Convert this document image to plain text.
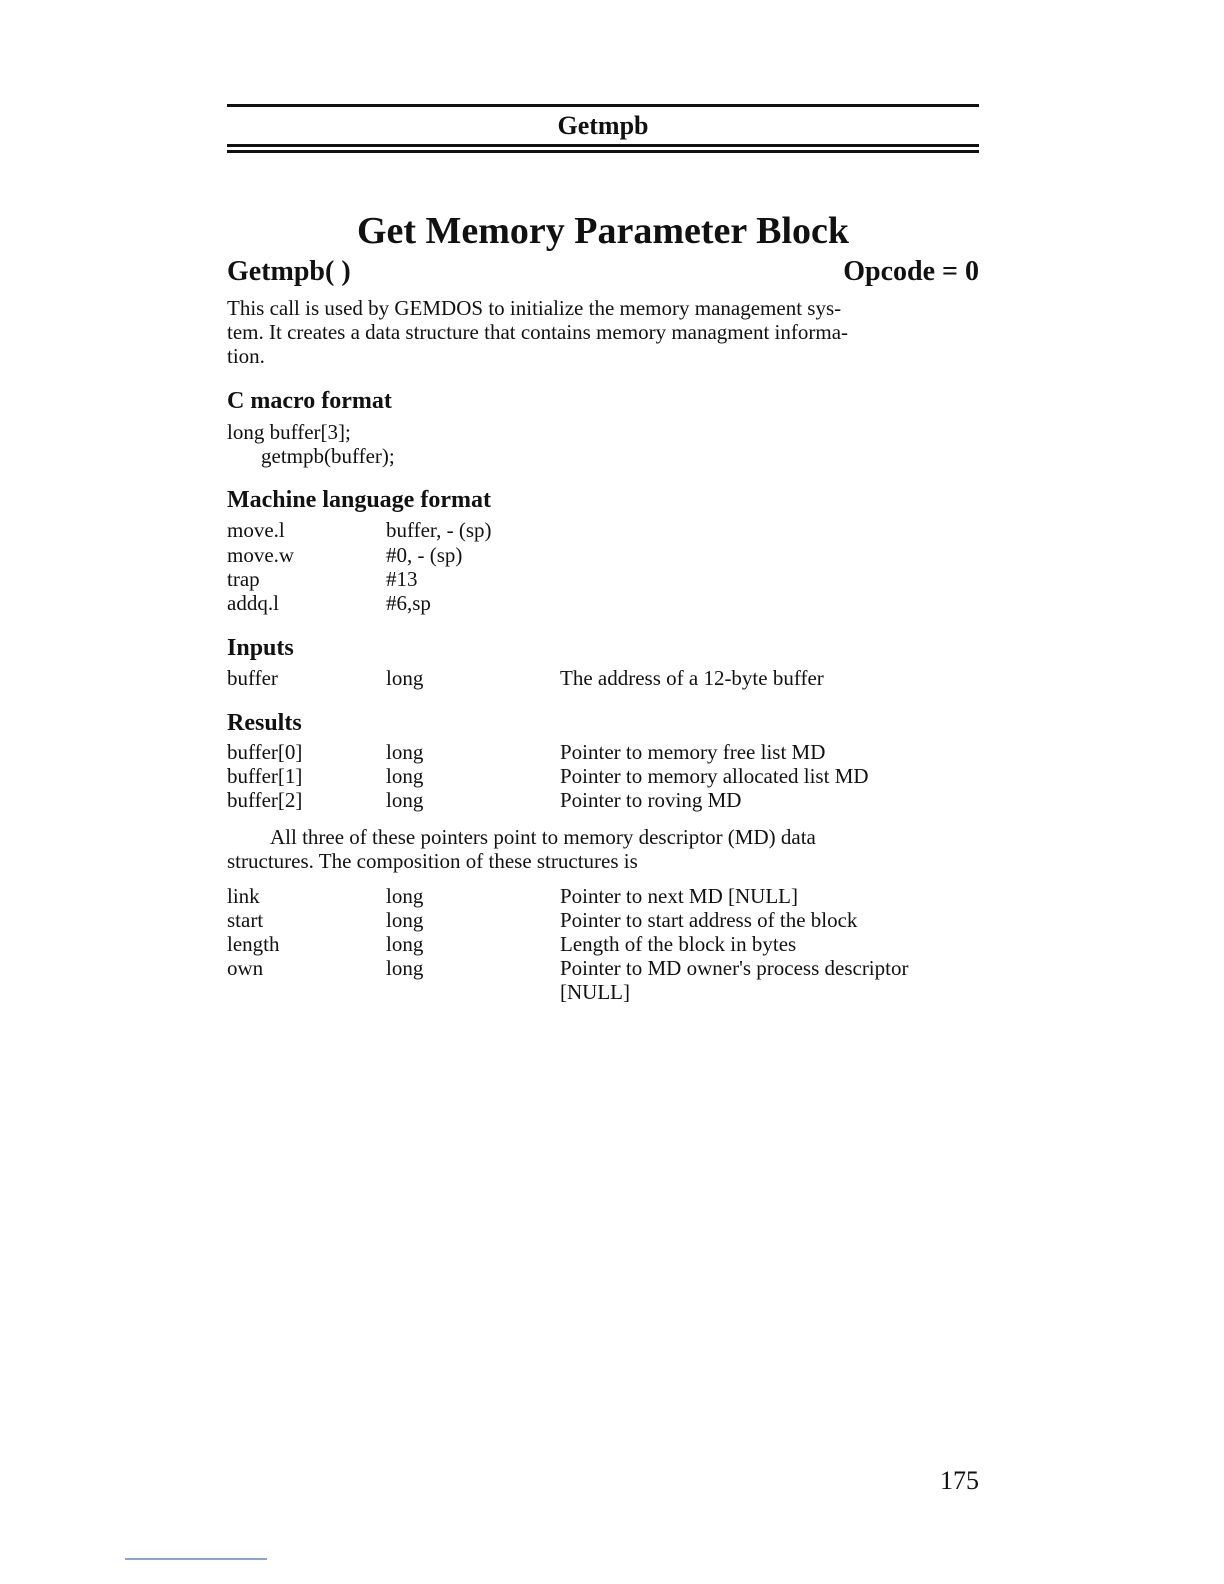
Getmpb
Get Memory Parameter Block
Getmpb( )	Opcode = 0
This call is used by GEMDOS to initialize the memory management sys-
tem. It creates a data structure that contains memory managment informa-
tion.
C macro format
long buffer[3];
getmpb(buffer);
Machine language format
move.l	buffer, - (sp)
move.w	#0, - (sp)
trap	#13
addq.l	#6,sp
Inputs
buffer	long	The address of a 12-byte buffer
Results
buffer[0]	long	Pointer to memory free list MD
buffer[1]	long	Pointer to memory allocated list MD
buffer[2]	long	Pointer to roving MD
All three of these pointers point to memory descriptor (MD) data
structures. The composition of these structures is
link	long	Pointer to next MD [NULL]
start	long	Pointer to start address of the block
length	long	Length of the block in bytes
own	long	Pointer to MD owner's process descriptor
[NULL]
175
